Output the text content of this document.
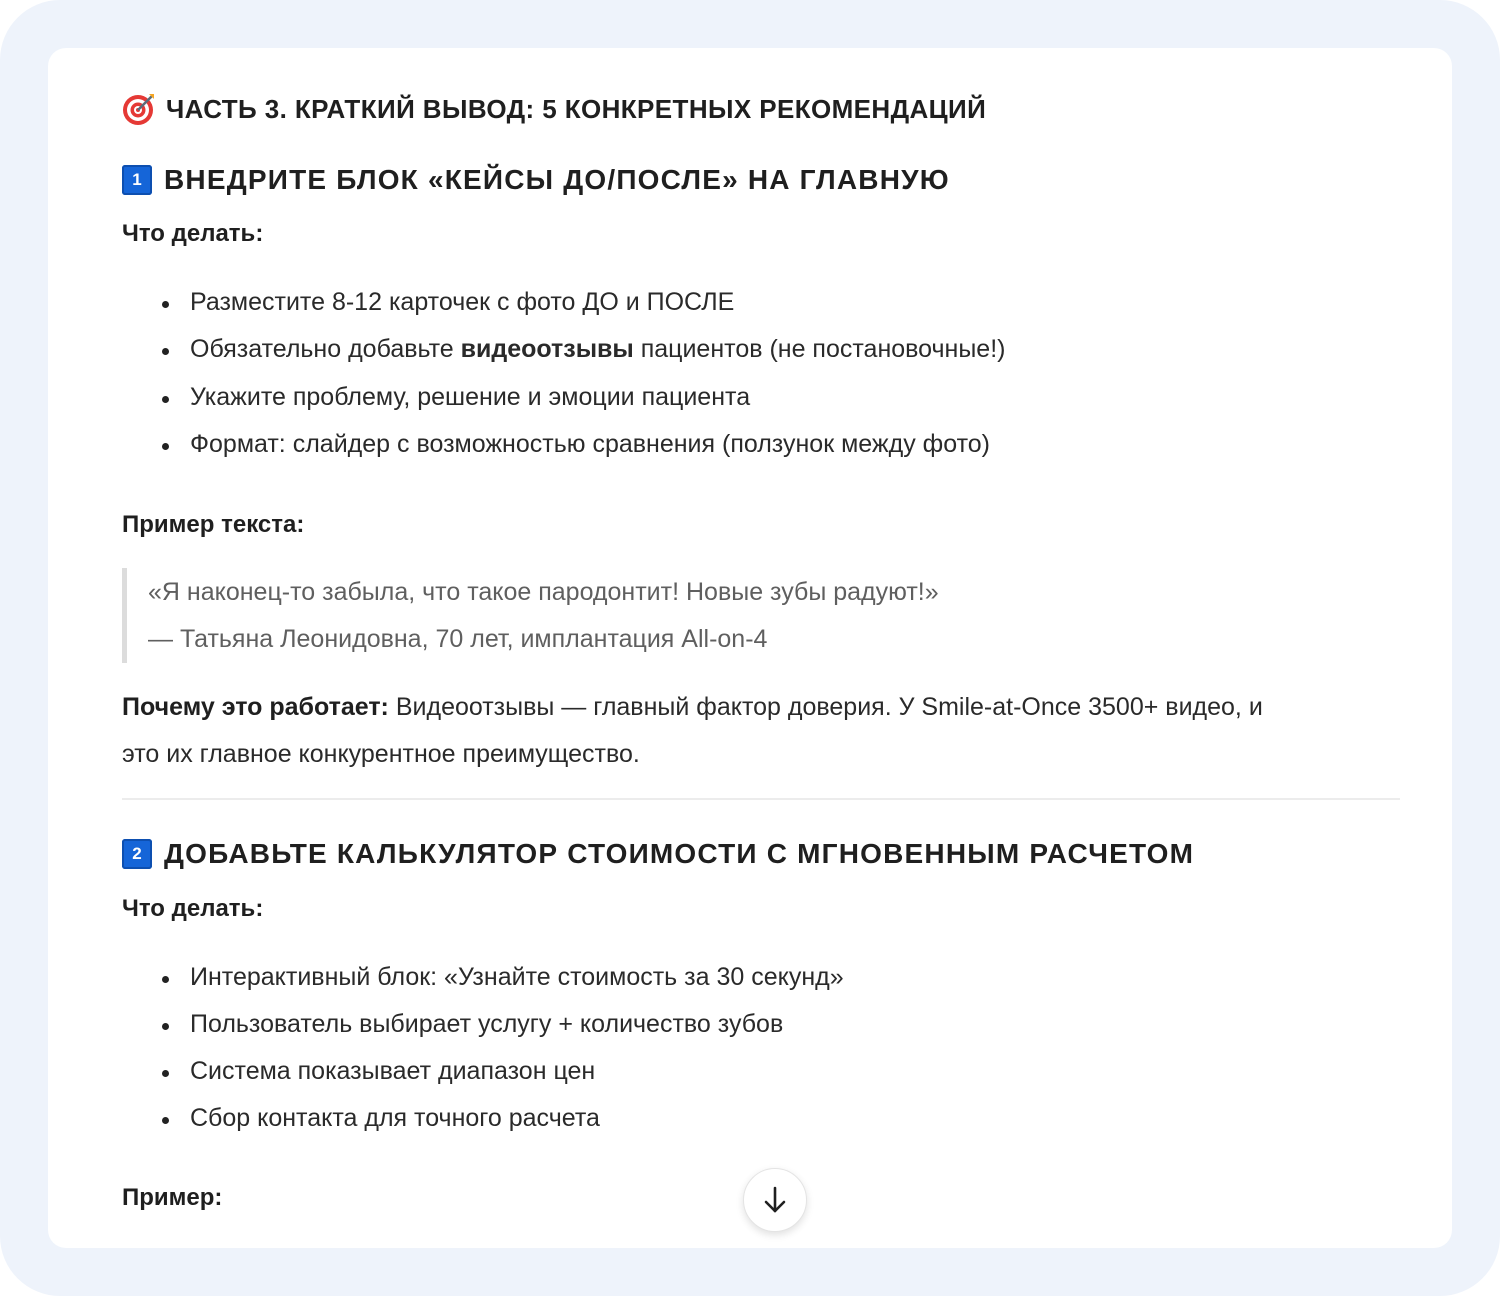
ЧАСТЬ 3. КРАТКИЙ ВЫВОД: 5 КОНКРЕТНЫХ РЕКОМЕНДАЦИЙ
1 ВНЕДРИТЕ БЛОК «КЕЙСЫ ДО/ПОСЛЕ» НА ГЛАВНУЮ
Что делать:
Разместите 8-12 карточек с фото ДО и ПОСЛЕ
Обязательно добавьте видеоотзывы пациентов (не постановочные!)
Укажите проблему, решение и эмоции пациента
Формат: слайдер с возможностью сравнения (ползунок между фото)
Пример текста:
«Я наконец-то забыла, что такое пародонтит! Новые зубы радуют!»
— Татьяна Леонидовна, 70 лет, имплантация All-on-4
Почему это работает: Видеоотзывы — главный фактор доверия. У Smile-at-Once 3500+ видео, и
это их главное конкурентное преимущество.
2 ДОБАВЬТЕ КАЛЬКУЛЯТОР СТОИМОСТИ С МГНОВЕННЫМ РАСЧЕТОМ
Что делать:
Интерактивный блок: «Узнайте стоимость за 30 секунд»
Пользователь выбирает услугу + количество зубов
Система показывает диапазон цен
Сбор контакта для точного расчета
Пример:
